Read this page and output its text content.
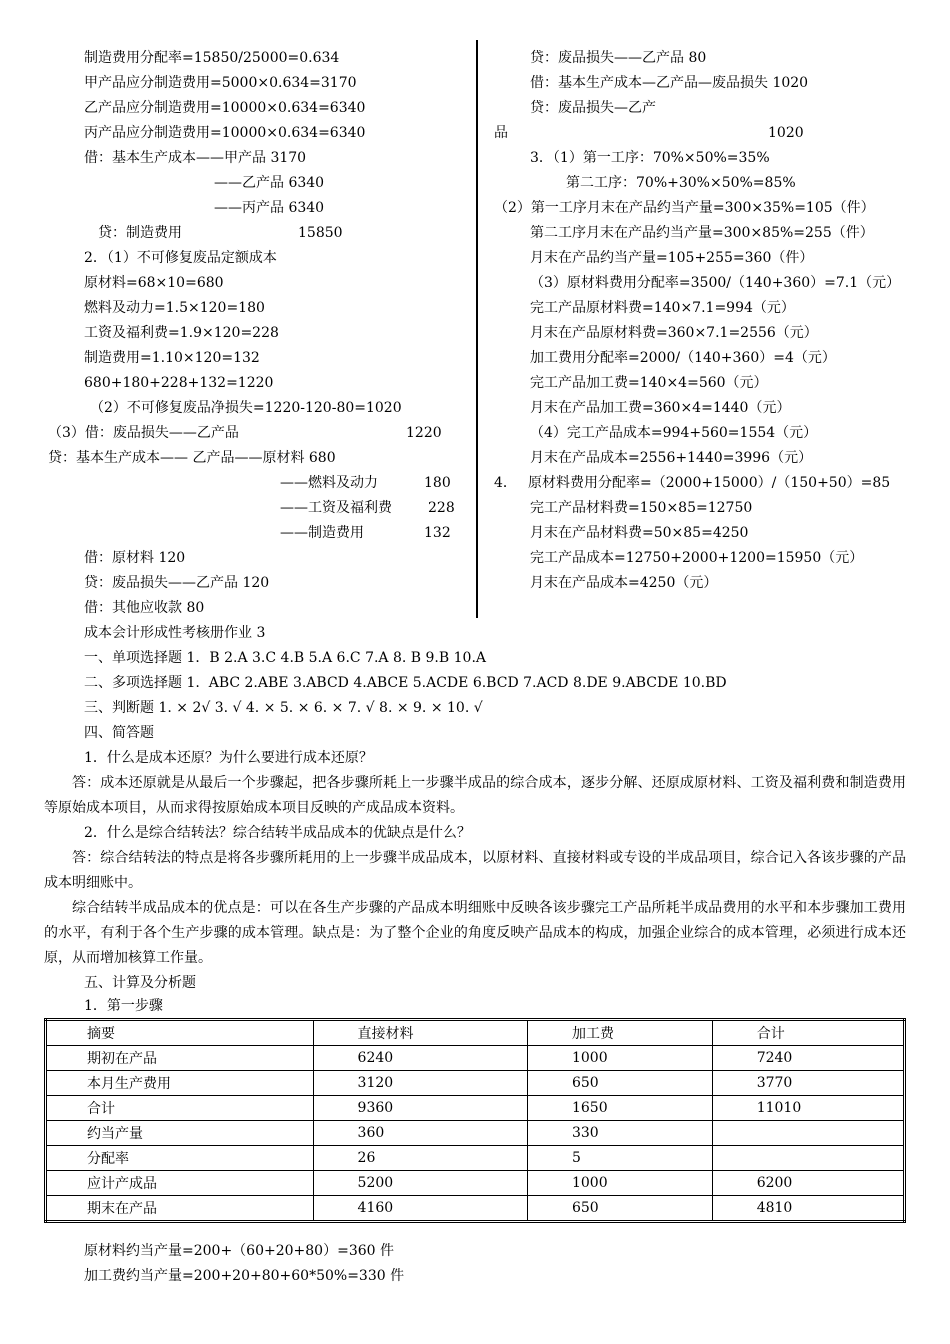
制造费用分配率=15850/25000=0.634
甲产品应分制造费用=5000×0.634=3170
乙产品应分制造费用=10000×0.634=6340
丙产品应分制造费用=10000×0.634=6340
借：基本生产成本——甲产品 3170
——乙产品 6340
——丙产品 6340
贷：制造费用	15850
2．（1）不可修复废品定额成本
原材料=68×10=680
燃料及动力=1.5×120=180
工资及福利费=1.9×120=228
制造费用=1.10×120=132
680+180+228+132=1220
（2）不可修复废品净损失=1220-120-80=1020
（3）借：废品损失——乙产品	1220
贷：基本生产成本—— 乙产品——原材料 680
——燃料及动力	180
——工资及福利费	228
——制造费用	132
借：原材料 120
贷：废品损失——乙产品 120
借：其他应收款 80
贷：废品损失——乙产品 80
借：基本生产成本—乙产品—废品损失 1020
贷：废品损失—乙产
品	1020
3．（1）第一工序：70%×50%=35%
第二工序：70%+30%×50%=85%
（2）第一工序月末在产品约当产量=300×35%=105（件）
第二工序月末在产品约当产量=300×85%=255（件）
月末在产品约当产量=105+255=360（件）
（3）原材料费用分配率=3500/（140+360）=7.1（元）
完工产品原材料费=140×7.1=994（元）
月末在产品原材料费=360×7.1=2556（元）
加工费用分配率=2000/（140+360）=4（元）
完工产品加工费=140×4=560（元）
月末在产品加工费=360×4=1440（元）
（4）完工产品成本=994+560=1554（元）
月末在产品成本=2556+1440=3996（元）
4． 原材料费用分配率=（2000+15000）/（150+50）=85
完工产品材料费=150×85=12750
月末在产品材料费=50×85=4250
完工产品成本=12750+2000+1200=15950（元）
月末在产品成本=4250（元）
成本会计形成性考核册作业 3
一、单项选择题 1．B 2.A 3.C 4.B 5.A 6.C 7.A 8. B 9.B 10.A
二、多项选择题 1.  ABC 2.ABE 3.ABCD 4.ABCE 5.ACDE 6.BCD 7.ACD 8.DE 9.ABCDE 10.BD
三、判断题 1. × 2√ 3. √ 4. × 5. × 6. × 7. √ 8. × 9. × 10. √
四、简答题
1．什么是成本还原？为什么要进行成本还原？

答：成本还原就是从最后一个步骤起，把各步骤所耗上一步骤半成品的综合成本，逐步分解、还原成原材料、工资及福利费和制造费用等原始成本项目，从而求得按原始成本项目反映的产成品成本资料。

2．什么是综合结转法？综合结转半成品成本的优缺点是什么？

答：综合结转法的特点是将各步骤所耗用的上一步骤半成品成本，以原材料、直接材料或专设的半成品项目，综合记入各该步骤的产品成本明细账中。

综合结转半成品成本的优点是：可以在各生产步骤的产品成本明细账中反映各该步骤完工产品所耗半成品费用的水平和本步骤加工费用的水平，有利于各个生产步骤的成本管理。缺点是：为了整个企业的角度反映产品成本的构成，加强企业综合的成本管理，必须进行成本还原，从而增加核算工作量。

五、计算及分析题
1．第一步骤
摘要	直接材料	加工费	合计
期初在产品	6240	1000	7240
本月生产费用	3120	650	3770
合计	9360	1650	11010
约当产量	360	330	
分配率	26	5	
应计产成品	5200	1000	6200
期末在产品	4160	650	4810
原材料约当产量=200+（60+20+80）=360 件
加工费约当产量=200+20+80+60*50%=330 件
